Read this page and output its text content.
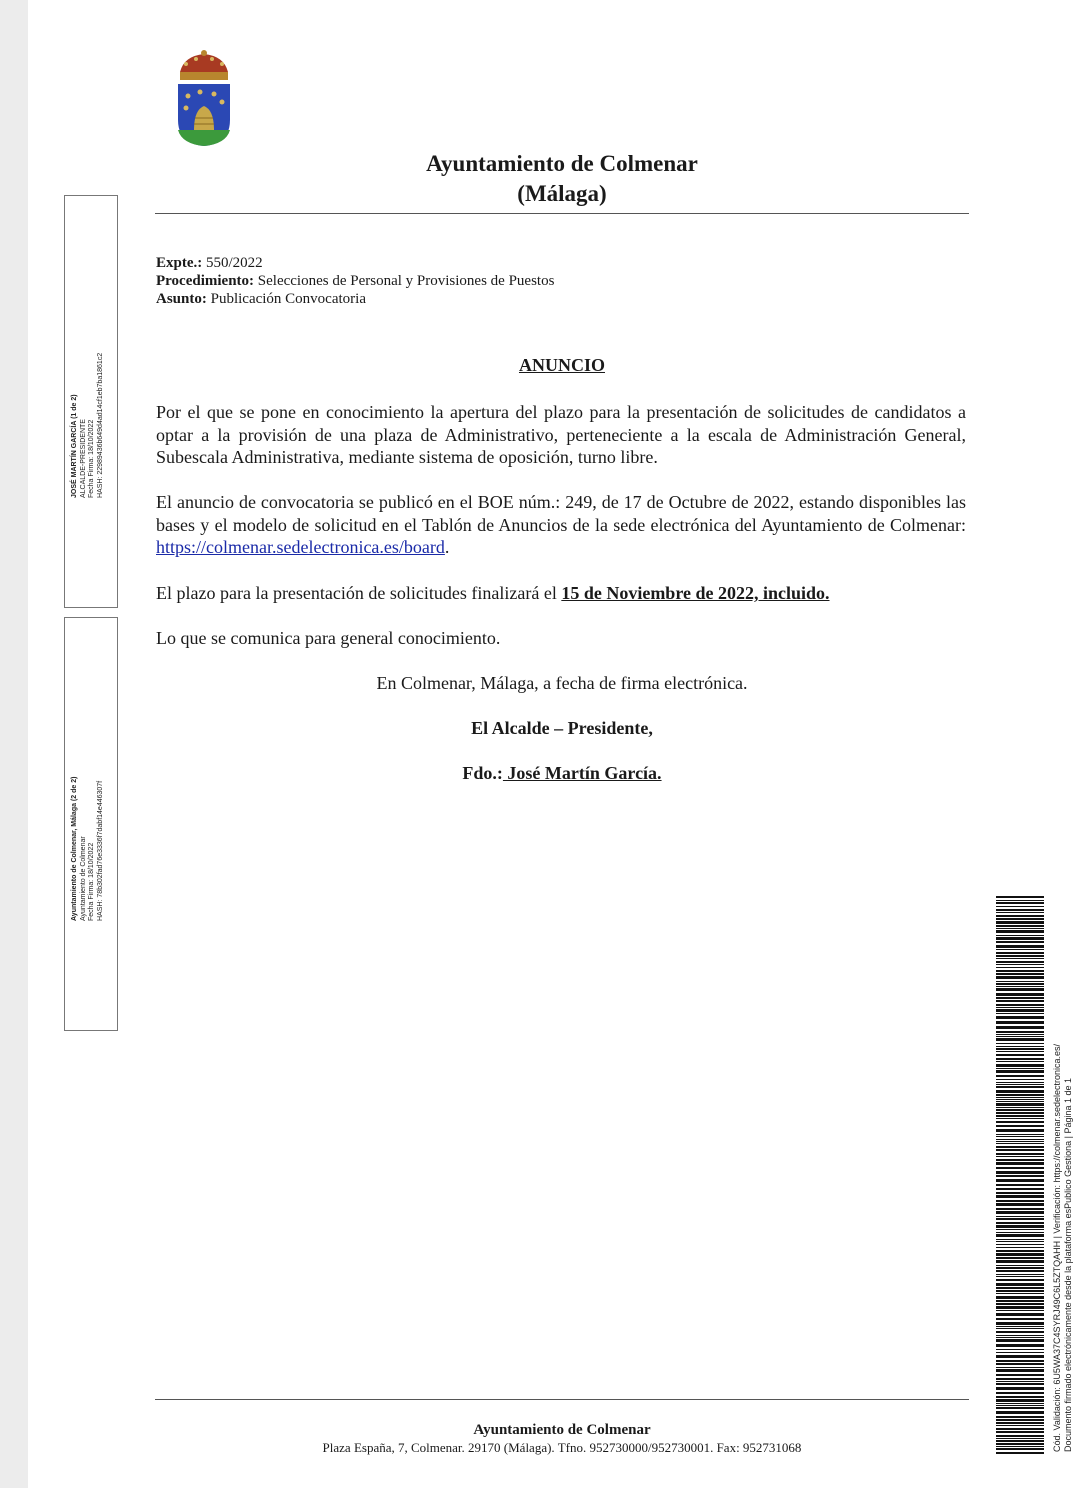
Ayuntamiento de Colmenar
(Málaga)
Expte.: 550/2022
Procedimiento: Selecciones de Personal y Provisiones de Puestos
Asunto: Publicación Convocatoria
ANUNCIO
Por el que se pone en conocimiento la apertura del plazo para la presentación de solicitudes de candidatos a optar a la provisión de una plaza de Administrativo, perteneciente a la escala de Administración General, Subescala Administrativa, mediante sistema de oposición, turno libre.
El anuncio de convocatoria se publicó en el BOE núm.: 249, de 17 de Octubre de 2022, estando disponibles las bases y el modelo de solicitud en el Tablón de Anuncios de la sede electrónica del Ayuntamiento de Colmenar: https://colmenar.sedelectronica.es/board.
El plazo para la presentación de solicitudes finalizará el 15 de Noviembre de 2022, incluido.
Lo que se comunica para general conocimiento.
En Colmenar, Málaga, a fecha de firma electrónica.
El Alcalde – Presidente,
Fdo.: José Martín García.
JOSÉ MARTÍN GARCÍA (1 de 2) ALCALDE-PRESIDENTE Fecha Firma: 18/10/2022 HASH: 22989436b649d4ad14cf1eb7ba1861c2
Ayuntamiento de Colmenar, Málaga (2 de 2) Ayuntamiento de Colmenar Fecha Firma: 18/10/2022 HASH: 78b302fad76e3336f7dabf14e446307f
Cód. Validación: 6U5WA37C4SYRJ49C6L5ZTQAHH | Verificación: https://colmenar.sedelectronica.es/ Documento firmado electrónicamente desde la plataforma esPublico Gestiona | Página 1 de 1
Ayuntamiento de Colmenar
Plaza España, 7, Colmenar. 29170 (Málaga). Tfno. 952730000/952730001. Fax: 952731068
